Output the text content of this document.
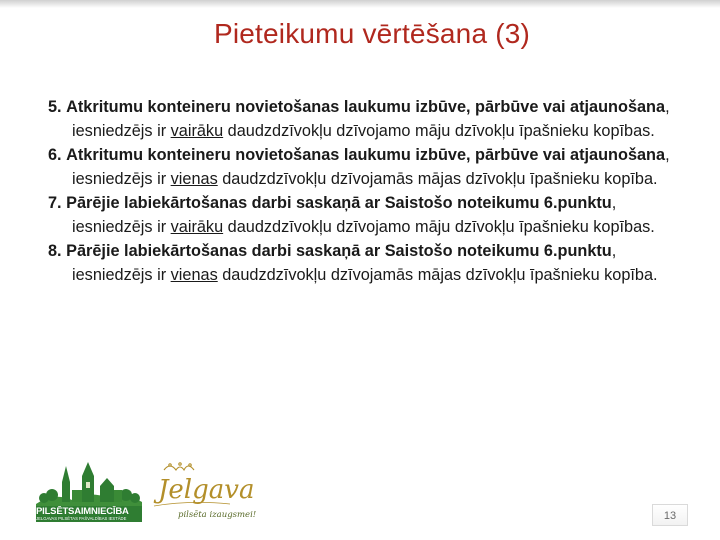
Pieteikumu vērtēšana (3)
5. Atkritumu konteineru novietošanas laukumu izbūve, pārbūve vai atjaunošana, iesniedzējs ir vairāku daudzdzīvokļu dzīvojamo māju dzīvokļu īpašnieku kopības.
6. Atkritumu konteineru novietošanas laukumu izbūve, pārbūve vai atjaunošana, iesniedzējs ir vienas daudzdzīvokļu dzīvojamās mājas dzīvokļu īpašnieku kopība.
7. Pārējie labiekārtošanas darbi saskaņā ar Saistošo noteikumu 6.punktu, iesniedzējs ir vairāku daudzdzīvokļu dzīvojamo māju dzīvokļu īpašnieku kopības.
8. Pārējie labiekārtošanas darbi saskaņā ar Saistošo noteikumu 6.punktu, iesniedzējs ir vienas daudzdzīvokļu dzīvojamās mājas dzīvokļu īpašnieku kopība.
PILSĒTSAIMNIECĪBA
JELGAVAS PILSĒTAS PAŠVALDĪBAS IESTĀDE
Jelgava
pilsēta izaugsmei!	13
